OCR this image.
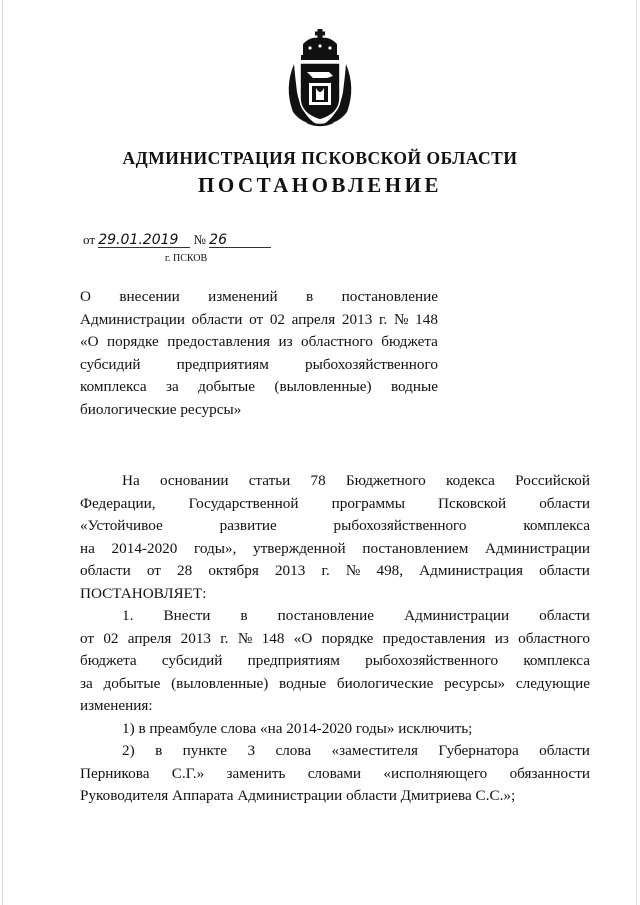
АДМИНИСТРАЦИЯ ПСКОВСКОЙ ОБЛАСТИ
ПОСТАНОВЛЕНИЕ
от 29.01.2019 № 26
г. ПСКОВ
О внесении изменений в постановление
Администрации области от 02 апреля 2013 г. № 148
«О порядке предоставления из областного бюджета
субсидий предприятиям рыбохозяйственного
комплекса за добытые (выловленные) водные
биологические ресурсы»
На основании статьи 78 Бюджетного кодекса Российской
Федерации, Государственной программы Псковской области
«Устойчивое	развитие	рыбохозяйственного	комплекса
на 2014-2020 годы», утвержденной постановлением Администрации
области от 28 октября 2013 г. № 498, Администрация области
ПОСТАНОВЛЯЕТ:
1. Внести в постановление Администрации области
от 02 апреля 2013 г. № 148 «О порядке предоставления из областного
бюджета субсидий предприятиям рыбохозяйственного комплекса
за добытые (выловленные) водные биологические ресурсы» следующие
изменения:
1) в преамбуле слова «на 2014-2020 годы» исключить;
2) в пункте 3 слова «заместителя Губернатора области
Перникова С.Г.» заменить словами «исполняющего обязанности
Руководителя Аппарата Администрации области Дмитриева С.С.»;
